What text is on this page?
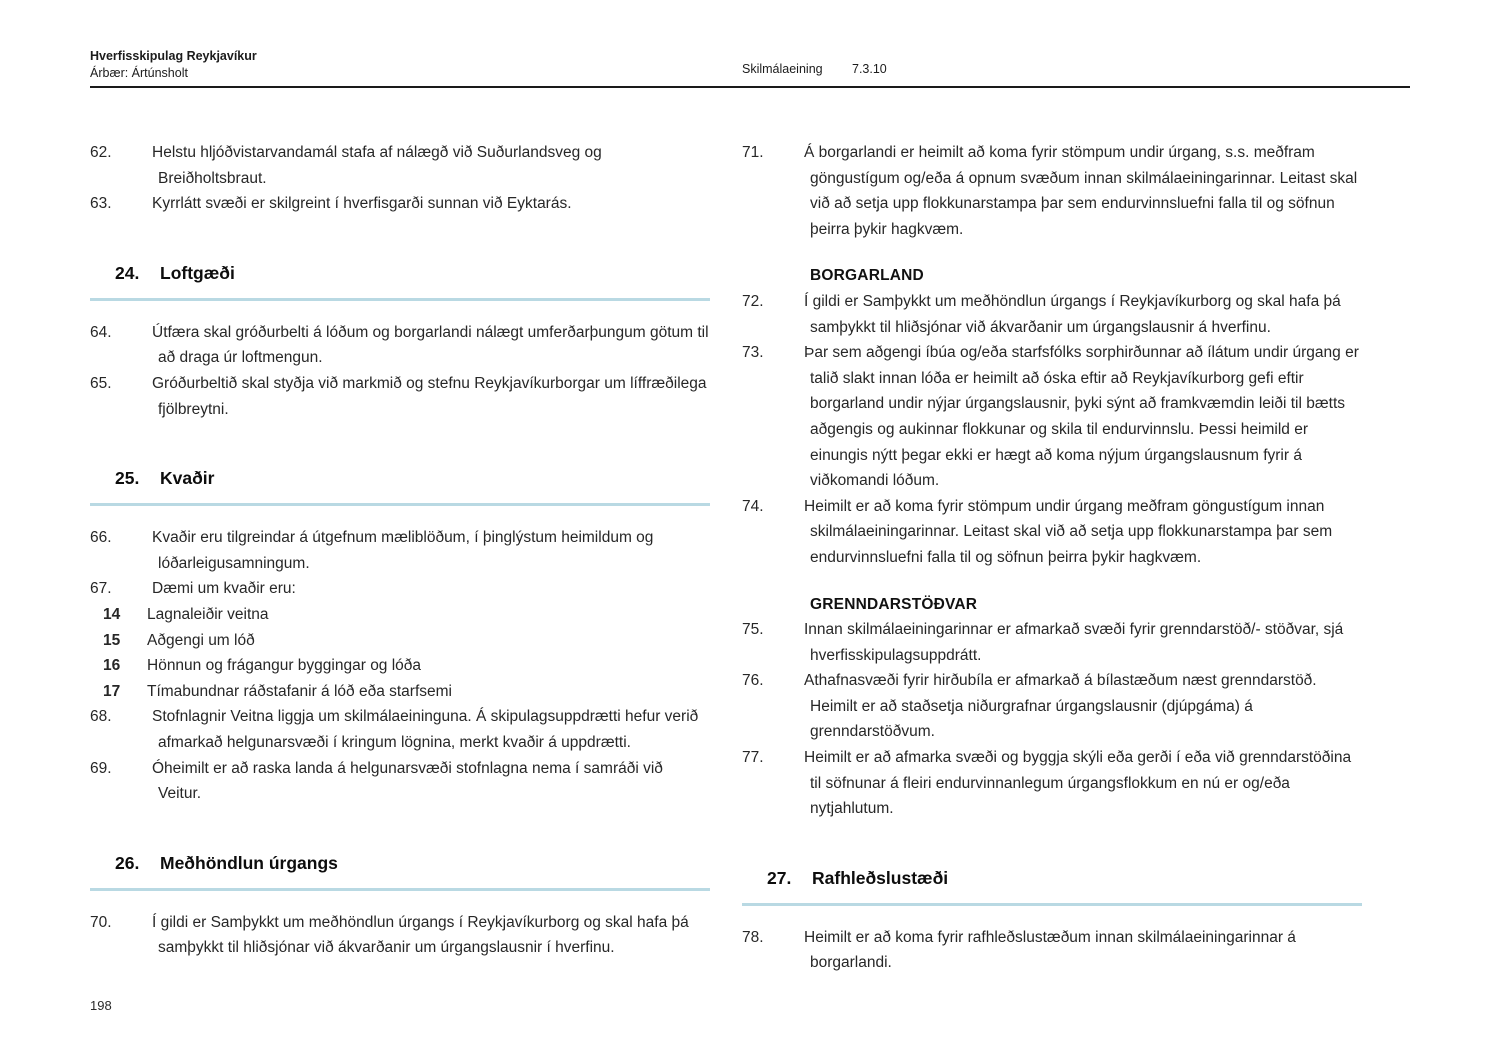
Hverfisskipulag Reykjavíkur
Árbær: Ártúnsholt	Skilmálaeining 7.3.10
62.	Helstu hljóðvistarvandamál stafa af nálægð við Suðurlandsveg og Breiðholtsbraut.
63.	Kyrrlátt svæði er skilgreint í hverfisgarði sunnan við Eyktarás.
24.	Loftgæði
64.	Útfæra skal gróðurbelti á lóðum og borgarlandi nálægt umferðarþungum götum til að draga úr loftmengun.
65.	Gróðurbeltið skal styðja við markmið og stefnu Reykjavíkurborgar um líffræðilega fjölbreytni.
25.	Kvaðir
66.	Kvaðir eru tilgreindar á útgefnum mæliblöðum, í þinglýstum heimildum og lóðarleigusamningum.
67.	Dæmi um kvaðir eru:
14	Lagnaleiðir veitna
15	Aðgengi um lóð
16	Hönnun og frágangur byggingar og lóða
17	Tímabundnar ráðstafanir á lóð eða starfsemi
68.	Stofnlagnir Veitna liggja um skilmálaeininguna. Á skipulagsuppdrætti hefur verið afmarkað helgunarsvæði í kringum lögnina, merkt kvaðir á uppdrætti.
69.	Óheimilt er að raska landa á helgunarsvæði stofnlagna nema í samráði við Veitur.
26.	Meðhöndlun úrgangs
70.	Í gildi er Samþykkt um meðhöndlun úrgangs í Reykjavíkurborg og skal hafa þá samþykkt til hliðsjónar við ákvarðanir um úrgangslausnir í hverfinu.
71.	Á borgarlandi er heimilt að koma fyrir stömpum undir úrgang, s.s. meðfram göngustígum og/eða á opnum svæðum innan skilmálaeiningarinnar. Leitast skal við að setja upp flokkunarstampa þar sem endurvinnsluefni falla til og söfnun þeirra þykir hagkvæm.
BORGARLAND
72.	Í gildi er Samþykkt um meðhöndlun úrgangs í Reykjavíkurborg og skal hafa þá samþykkt til hliðsjónar við ákvarðanir um úrgangslausnir á hverfinu.
73.	Þar sem aðgengi íbúa og/eða starfsfólks sorphirðunnar að ílátum undir úrgang er talið slakt innan lóða er heimilt að óska eftir að Reykjavíkurborg gefi eftir borgarland undir nýjar úrgangslausnir, þyki sýnt að framkvæmdin leiði til bætts aðgengis og aukinnar flokkunar og skila til endurvinnslu. Þessi heimild er einungis nýtt þegar ekki er hægt að koma nýjum úrgangslausnum fyrir á viðkomandi lóðum.
74.	Heimilt er að koma fyrir stömpum undir úrgang meðfram göngustígum innan skilmálaeiningarinnar. Leitast skal við að setja upp flokkunarstampa þar sem endurvinnsluefni falla til og söfnun þeirra þykir hagkvæm.
GRENNDARSTÖÐVAR
75.	Innan skilmálaeiningarinnar er afmarkað svæði fyrir grenndarstöð/- stöðvar, sjá hverfisskipulagsuppdrátt.
76.	Athafnasvæði fyrir hirðubíla er afmarkað á bílastæðum næst grenndarstöð. Heimilt er að staðsetja niðurgrafnar úrgangslausnir (djúpgáma) á grenndarstöðvum.
77.	Heimilt er að afmarka svæði og byggja skýli eða gerði í eða við grenndarstöðina til söfnunar á fleiri endurvinnanlegum úrgangsflokkum en nú er og/eða nytjahlutum.
27.	Rafhleðslustæði
78.	Heimilt er að koma fyrir rafhleðslustæðum innan skilmálaeiningarinnar á borgarlandi.
198
